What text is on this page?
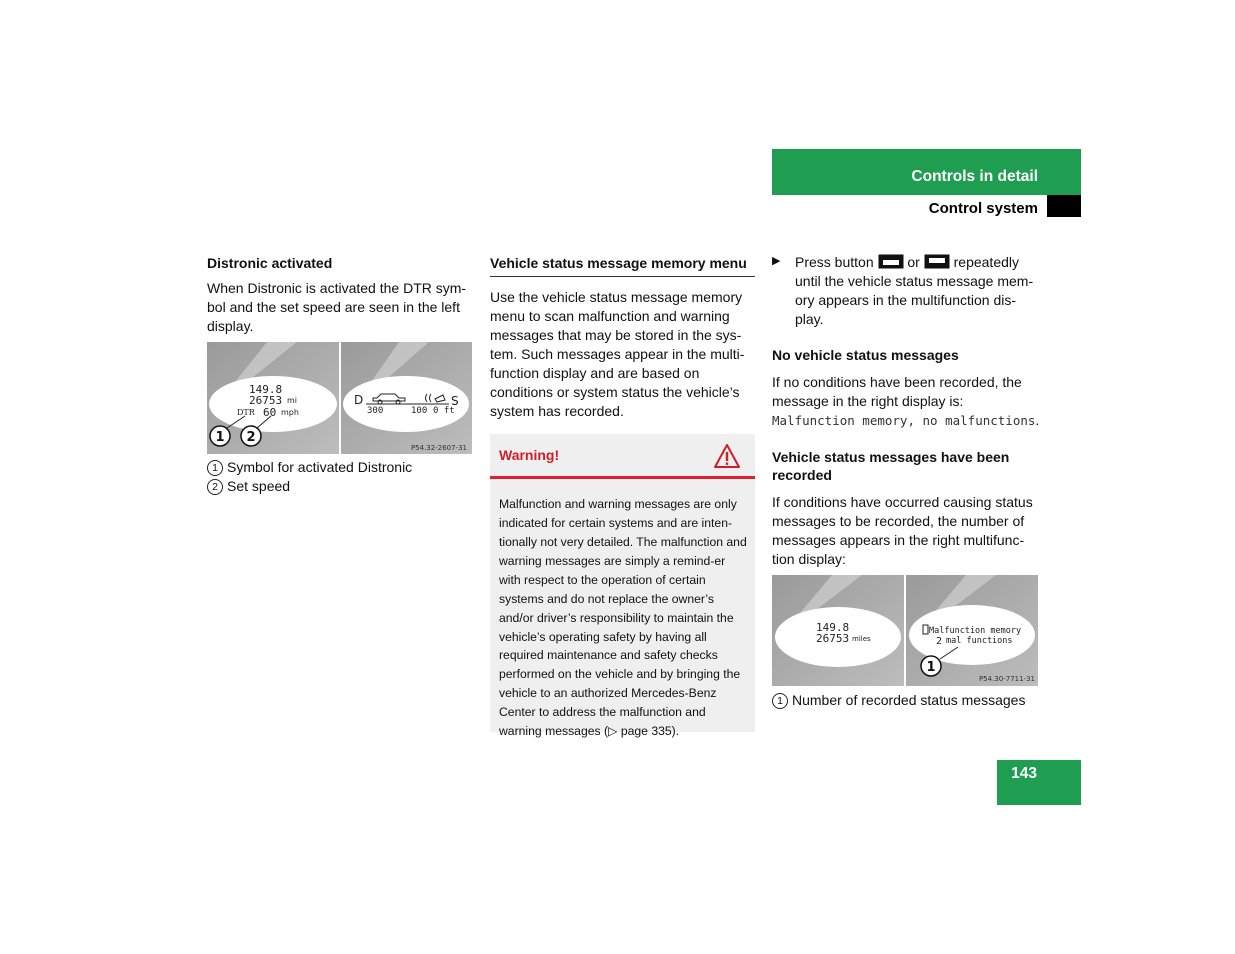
Controls in detail
Control system

Distronic activated

When Distronic is activated the DTR sym-bol and the set speed are seen in the left display.

149.8
26753 mi
DTR 60 mph
1 2
D	S
300	100 0 ft
P54.32-2607-31

1 Symbol for activated Distronic

2 Set speed

Vehicle status message memory menu

Use the vehicle status message memory menu to scan malfunction and warning messages that may be stored in the sys-tem. Such messages appear in the multi-function display and are based on conditions or system status the vehicle’s system has recorded.

Warning!

Malfunction and warning messages are only indicated for certain systems and are inten-tionally not very detailed. The malfunction and warning messages are simply a remind-er with respect to the operation of certain systems and do not replace the owner’s and/or driver’s responsibility to maintain the vehicle’s operating safety by having all required maintenance and safety checks performed on the vehicle and by bringing the vehicle to an authorized Mercedes-Benz Center to address the malfunction and warning messages (▷ page 335).

▶	Press button or repeatedly until the vehicle status message mem-ory appears in the multifunction dis-play.

No vehicle status messages

If no conditions have been recorded, the message in the right display is:
Malfunction memory, no malfunctions.

Vehicle status messages have been recorded

If conditions have occurred causing status messages to be recorded, the number of messages appears in the right multifunc-tion display:

149.8
26753 miles
Malfunction memory
2 mal functions
1
P54.30-7711-31

1 Number of recorded status messages

143
